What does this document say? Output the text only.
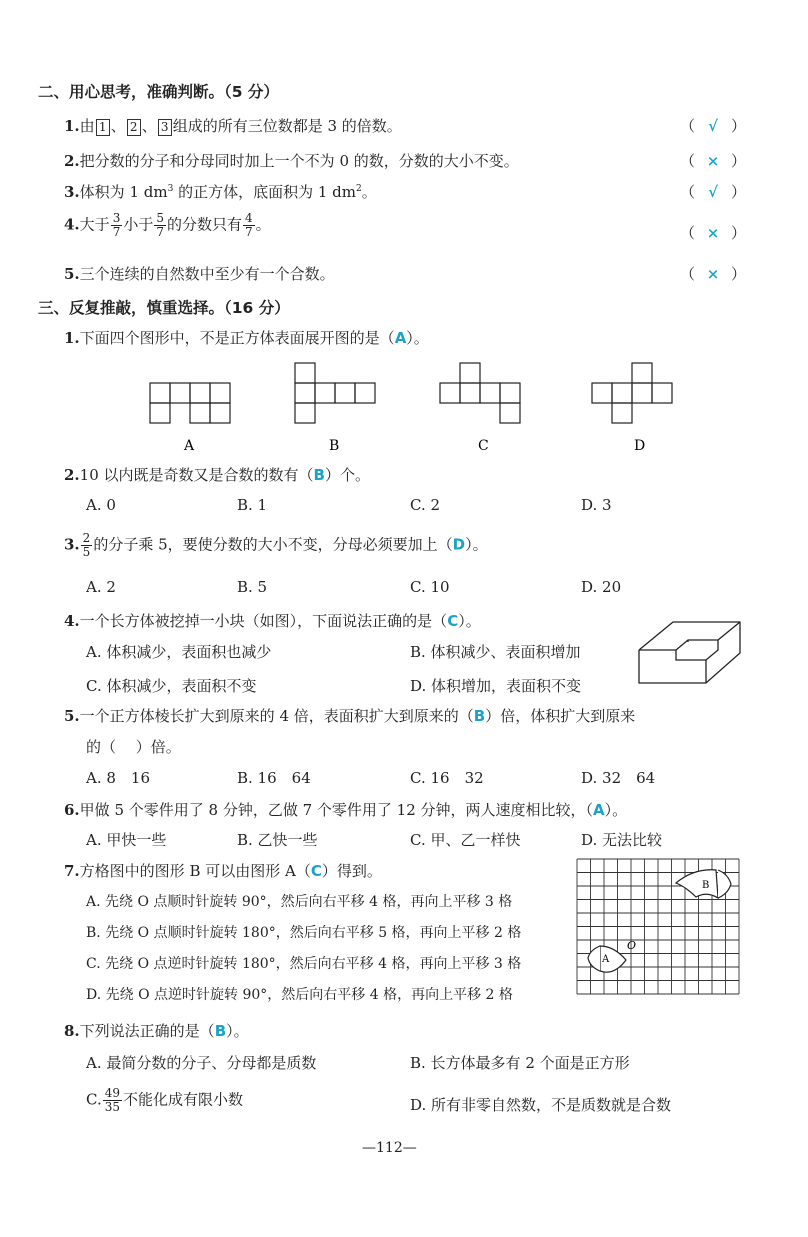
二、用心思考，准确判断。（5 分）
1.由 1 、 2 、 3 组成的所有三位数都是 3 的倍数。	（ √ ）
2.把分数的分子和分母同时加上一个不为 0 的数，分数的大小不变。	（ × ）
3.体积为 1 $dm^3$ 的正方体，底面积为 1 $dm^2$。	（ √ ）
4.大于 $\frac{3}{7}$ 小于 $\frac{5}{7}$ 的分数只有 $\frac{4}{7}$ 。	（ × ）
5.三个连续的自然数中至少有一个合数。	（ × ）
三、反复推敲，慎重选择。（16 分）
1.下面四个图形中，不是正方体表面展开图的是（A）。
A	B	C	D
2.10 以内既是奇数又是合数的数有（B）个。
A. 0	B. 1	C. 2	D. 3
3. $\frac{2}{5}$ 的分子乘 5，要使分数的大小不变，分母必须要加上（D）。
A. 2	B. 5	C. 10	D. 20
4.一个长方体被挖掉一小块（如图），下面说法正确的是（C）。
A. 体积减少，表面积也减少	B. 体积减少、表面积增加
C. 体积减少，表面积不变	D. 体积增加，表面积不变
5.一个正方体棱长扩大到原来的 4 倍，表面积扩大到原来的（B）倍，体积扩大到原来
的（　 ）倍。
A. 8　16	B. 16　64	C. 16　32	D. 32　64
6.甲做 5 个零件用了 8 分钟，乙做 7 个零件用了 12 分钟，两人速度相比较，（A）。
A. 甲快一些	B. 乙快一些	C. 甲、乙一样快	D. 无法比较
7.方格图中的图形 B 可以由图形 A（C）得到。
A. 先绕 O 点顺时针旋转 90°，然后向右平移 4 格，再向上平移 3 格
B. 先绕 O 点顺时针旋转 180°，然后向右平移 5 格，再向上平移 2 格
C. 先绕 O 点逆时针旋转 180°，然后向右平移 4 格，再向上平移 3 格
D. 先绕 O 点逆时针旋转 90°，然后向右平移 4 格，再向上平移 2 格
B
A
O
8.下列说法正确的是（B）。
A. 最简分数的分子、分母都是质数	B. 长方体最多有 2 个面是正方形
C. $\frac{49}{35}$ 不能化成有限小数	D. 所有非零自然数，不是质数就是合数
—112—
